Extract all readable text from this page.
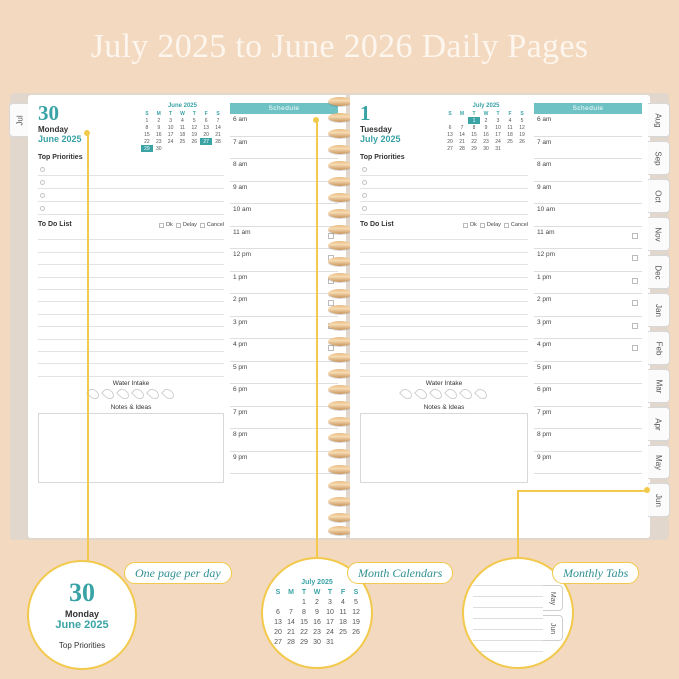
July 2025 to June 2026 Daily Pages
Jul 30
Monday
June 2025
June 2025
S	M	T	W	T	F	S
1	2	3	4	5	6	7
8	9	10	11	12	13	14
15	16	17	18	19	20	21
22	23	24	25	26	27	28
29	30					
Top Priorities
To Do List	Ok Delay Cancel
Water Intake
Notes & Ideas
Schedule
6 am
7 am
8 am
9 am
10 am
11 am
12 pm
1 pm
2 pm
3 pm
4 pm
5 pm
6 pm
7 pm
8 pm
9 pm
1
Tuesday
July 2025
July 2025
S	M	T	W	T	F	S
		1	2	3	4	5
6	7	8	9	10	11	12
13	14	15	16	17	18	19
20	21	22	23	24	25	26
27	28	29	30	31		
Top Priorities
To Do List	Ok Delay Cancel
Water Intake
Notes & Ideas
Schedule
6 am
7 am
8 am
9 am
10 am
11 am
12 pm
1 pm
2 pm
3 pm
4 pm
5 pm
6 pm
7 pm
8 pm
9 pm
Aug
Sep
Oct
Nov
Dec
Jan
Feb
Mar
Apr
May
Jun
30
Monday
June 2025
Top Priorities
One page per day
July 2025
S	M	T	W	T	F	S
		1	2	3	4	5
6	7	8	9	10	11	12
13	14	15	16	17	18	19
20	21	22	23	24	25	26
27	28	29	30	31		
Month Calendars
May
Jun
Monthly Tabs
